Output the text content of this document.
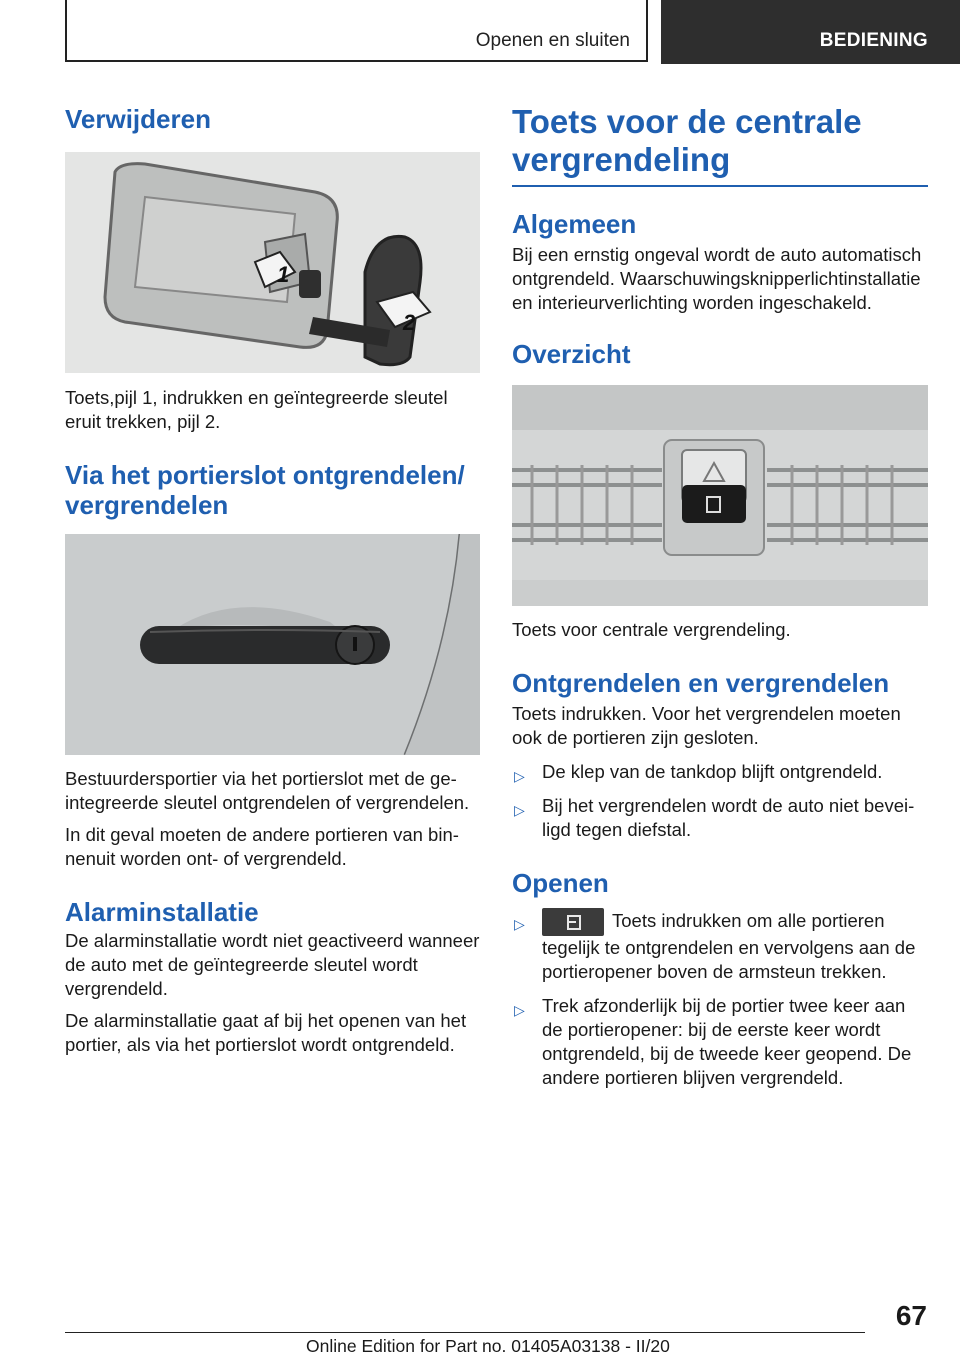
Openen en sluiten	BEDIENING
Verwijderen
1
2

Toets,pijl 1, indrukken en geïntegreerde sleutel eruit trekken, pijl 2.

Via het portierslot ontgrendelen/ vergrendelen

Bestuurdersportier via het portierslot met de geintegreerde sleutel ontgrendelen of vergrendelen.

In dit geval moeten de andere portieren van binnenuit worden ont- of vergrendeld.

Alarminstallatie

De alarminstallatie wordt niet geactiveerd wanneer de auto met de geïntegreerde sleutel wordt vergrendeld.

De alarminstallatie gaat af bij het openen van het portier, als via het portierslot wordt ontgrendeld.

Toets voor de centrale vergrendeling
Algemeen

Bij een ernstig ongeval wordt de auto automatisch ontgrendeld. Waarschuwingsknipperlichtinstallatie en interieurverlichting worden ingeschakeld.

Overzicht

Toets voor centrale vergrendeling.

Ontgrendelen en vergrendelen

Toets indrukken. Voor het vergrendelen moeten ook de portieren zijn gesloten.

▷ De klep van de tankdop blijft ontgrendeld.
▷ Bij het vergrendelen wordt de auto niet beveiligd tegen diefstal.
Openen
▷	Toets indrukken om alle portieren tegelijk te ontgrendelen en vervolgens aan de portieropener boven de armsteun trekken.
▷ Trek afzonderlijk bij de portier twee keer aan de portieropener: bij de eerste keer wordt ontgrendeld, bij de tweede keer geopend. De andere portieren blijven vergrendeld.
67
Online Edition for Part no. 01405A03138 - II/20
